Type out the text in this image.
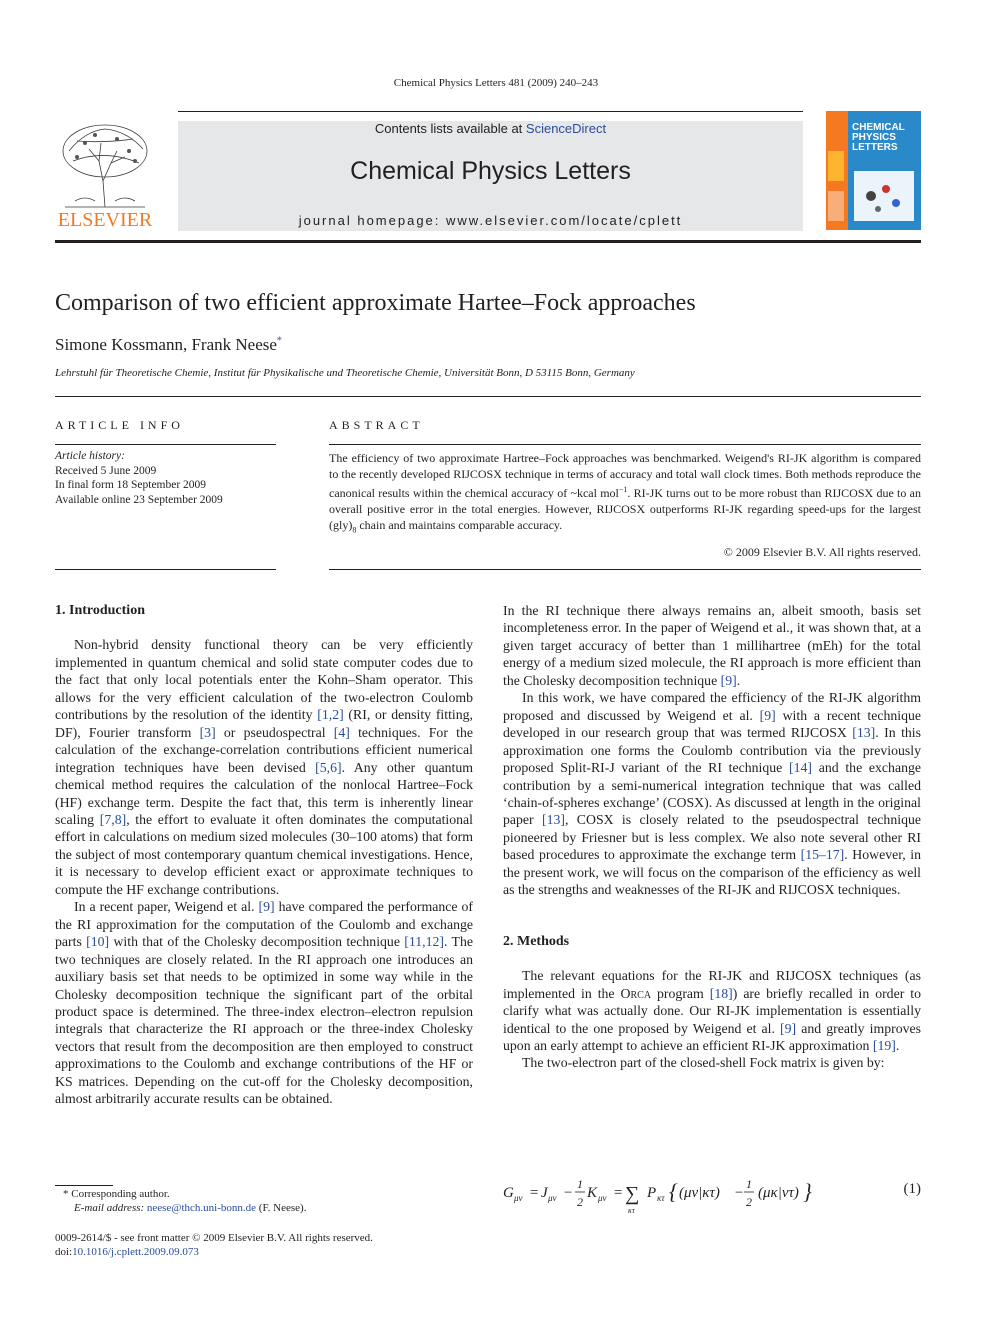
Chemical Physics Letters 481 (2009) 240–243
ELSEVIER
Contents lists available at ScienceDirect
Chemical Physics Letters
journal homepage: www.elsevier.com/locate/cplett
CHEMICAL
PHYSICS
LETTERS
Comparison of two efficient approximate Hartee–Fock approaches
Simone Kossmann, Frank Neese*
Lehrstuhl für Theoretische Chemie, Institut für Physikalische und Theoretische Chemie, Universität Bonn, D 53115 Bonn, Germany
ARTICLE INFO
Article history:
Received 5 June 2009
In final form 18 September 2009
Available online 23 September 2009
ABSTRACT
The efficiency of two approximate Hartree–Fock approaches was benchmarked. Weigend's RI-JK algorithm is compared to the recently developed RIJCOSX technique in terms of accuracy and total wall clock times. Both methods reproduce the canonical results within the chemical accuracy of ~kcal mol$^{-1}$. RI-JK turns out to be more robust than RIJCOSX due to an overall positive error in the total energies. However, RIJCOSX outperforms RI-JK regarding speed-ups for the largest $(gly)_8$ chain and maintains comparable accuracy.
© 2009 Elsevier B.V. All rights reserved.
1. Introduction

Non-hybrid density functional theory can be very efficiently implemented in quantum chemical and solid state computer codes due to the fact that only local potentials enter the Kohn–Sham operator. This allows for the very efficient calculation of the two-electron Coulomb contributions by the resolution of the identity [1,2] (RI, or density fitting, DF), Fourier transform [3] or pseudospectral [4] techniques. For the calculation of the exchange-correlation contributions efficient numerical integration techniques have been devised [5,6]. Any other quantum chemical method requires the calculation of the nonlocal Hartree–Fock (HF) exchange term. Despite the fact that, this term is inherently linear scaling [7,8], the effort to evaluate it often dominates the computational effort in calculations on medium sized molecules (30–100 atoms) that form the subject of most contemporary quantum chemical investigations. Hence, it is necessary to develop efficient exact or approximate techniques to compute the HF exchange contributions.

In a recent paper, Weigend et al. [9] have compared the performance of the RI approximation for the computation of the Coulomb and exchange parts [10] with that of the Cholesky decomposition technique [11,12]. The two techniques are closely related. In the RI approach one introduces an auxiliary basis set that needs to be optimized in some way while in the Cholesky decomposition technique the significant part of the orbital product space is determined. The three-index electron–electron repulsion integrals that characterize the RI approach or the three-index Cholesky vectors that result from the decomposition are then employed to construct approximations to the Coulomb and exchange contributions of the HF or KS matrices. Depending on the cut-off for the Cholesky decomposition, almost arbitrarily accurate results can be obtained.

In the RI technique there always remains an, albeit smooth, basis set incompleteness error. In the paper of Weigend et al., it was shown that, at a given target accuracy of better than 1 millihartree (mEh) for the total energy of a medium sized molecule, the RI approach is more efficient than the Cholesky decomposition technique [9].

In this work, we have compared the efficiency of the RI-JK algorithm proposed and discussed by Weigend et al. [9] with a recent technique developed in our research group that was termed RIJCOSX [13]. In this approximation one forms the Coulomb contribution via the previously proposed Split-RI-J variant of the RI technique [14] and the exchange contribution by a semi-numerical integration technique that was called ‘chain-of-spheres exchange’ (COSX). As discussed at length in the original paper [13], COSX is closely related to the pseudospectral technique pioneered by Friesner but is less complex. We also note several other RI based procedures to approximate the exchange term [15–17]. However, in the present work, we will focus on the comparison of the efficiency as well as the strengths and weaknesses of the RI-JK and RIJCOSX techniques.

2. Methods

The relevant equations for the RI-JK and RIJCOSX techniques (as implemented in the Orca program [18]) are briefly recalled in order to clarify what was actually done. Our RI-JK implementation is essentially identical to the one proposed by Weigend et al. [9] and greatly improves upon an early attempt to achieve an efficient RI-JK approximation [19].

The two-electron part of the closed-shell Fock matrix is given by:

G μν = J μν −
1
2
K μν = ∑
κτ
P κτ { (μν|κτ) −
1
2
(μκ|ντ) }	(1)
* Corresponding author.
E-mail address: neese@thch.uni-bonn.de (F. Neese).
0009-2614/$ - see front matter © 2009 Elsevier B.V. All rights reserved.
doi:10.1016/j.cplett.2009.09.073
